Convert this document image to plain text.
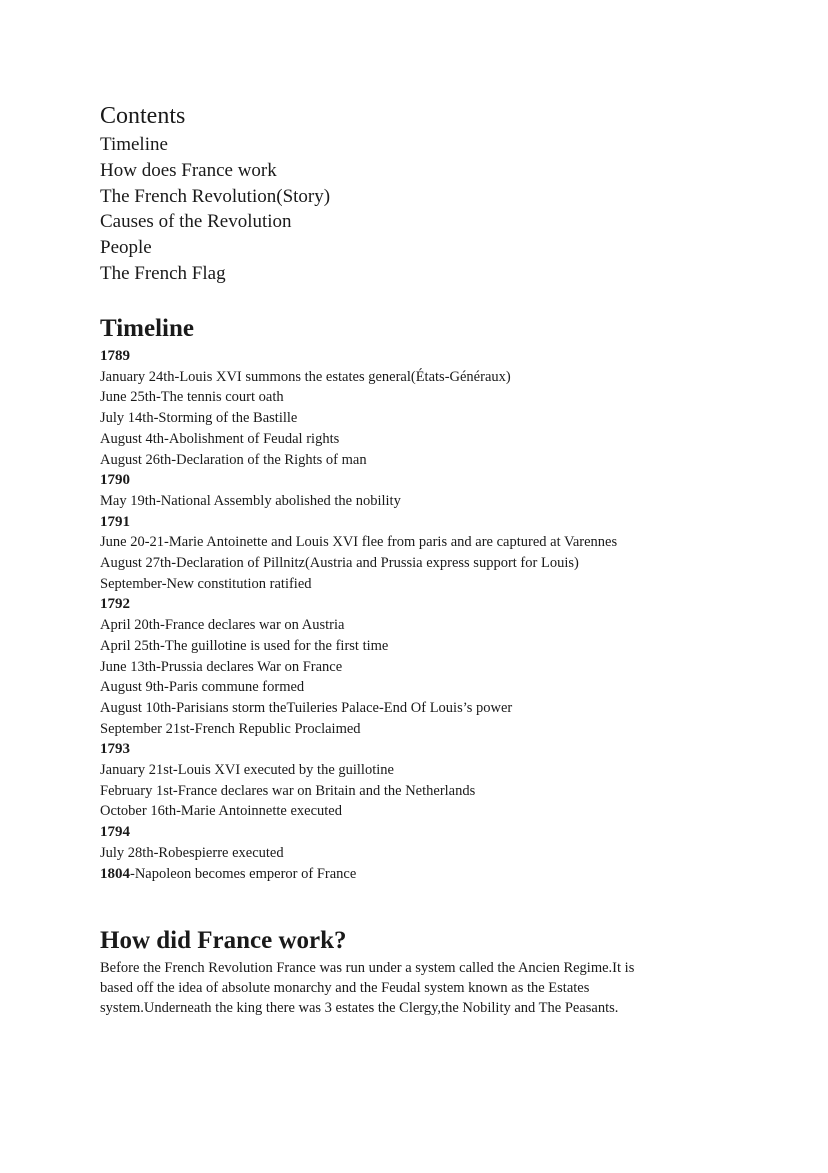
Contents
Timeline
How does France work
The French Revolution(Story)
Causes of the Revolution
People
The French Flag
Timeline
1789
January 24th-Louis XVI summons the estates general(États-Généraux)
June 25th-The tennis court oath
July 14th-Storming of the Bastille
August 4th-Abolishment of Feudal rights
August 26th-Declaration of the Rights of man
1790
May 19th-National Assembly abolished the nobility
1791
June 20-21-Marie Antoinette and Louis XVI flee from paris and are captured at Varennes
August 27th-Declaration of Pillnitz(Austria and Prussia express support for Louis)
September-New constitution ratified
1792
April 20th-France declares war on Austria
April 25th-The guillotine is used for the first time
June 13th-Prussia declares War on France
August 9th-Paris commune formed
August 10th-Parisians storm theTuileries Palace-End Of Louis’s power
September 21st-French Republic Proclaimed
1793
January 21st-Louis XVI executed by the guillotine
February 1st-France declares war on Britain and the Netherlands
October 16th-Marie Antoinnette executed
1794
July 28th-Robespierre executed
1804-Napoleon becomes emperor of France
How did France work?

Before the French Revolution France was run under a system called the Ancien Regime.It is
based off the idea of absolute monarchy and the Feudal system known as the Estates
system.Underneath the king there was 3 estates the Clergy,the Nobility and The Peasants.
